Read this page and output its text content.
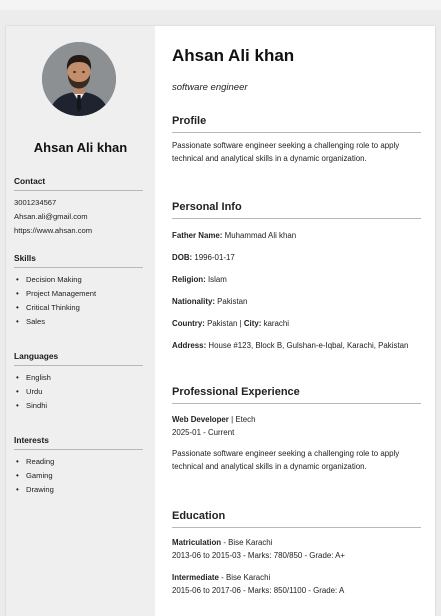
Ahsan Ali khan
Contact
3001234567
Ahsan.ali@gmail.com
https://www.ahsan.com
Skills
• Decision Making
• Project Management
• Critical Thinking
• Sales
Languages
• English
• Urdu
• Sindhi
Interests
• Reading
• Gaming
• Drawing
Ahsan Ali khan
software engineer
Profile
Passionate software engineer seeking a challenging role to apply technical and analytical skills in a dynamic organization.
Personal Info
Father Name: Muhammad Ali khan
DOB: 1996-01-17
Religion: Islam
Nationality: Pakistan
Country: Pakistan | City: karachi
Address: House #123, Block B, Gulshan-e-Iqbal, Karachi, Pakistan
Professional Experience
Web Developer | Etech
2025-01 - Current
Passionate software engineer seeking a challenging role to apply technical and analytical skills in a dynamic organization.
Education
Matriculation - Bise Karachi
2013-06 to 2015-03 - Marks: 780/850 - Grade: A+
Intermediate - Bise Karachi
2015-06 to 2017-06 - Marks: 850/1100 - Grade: A
